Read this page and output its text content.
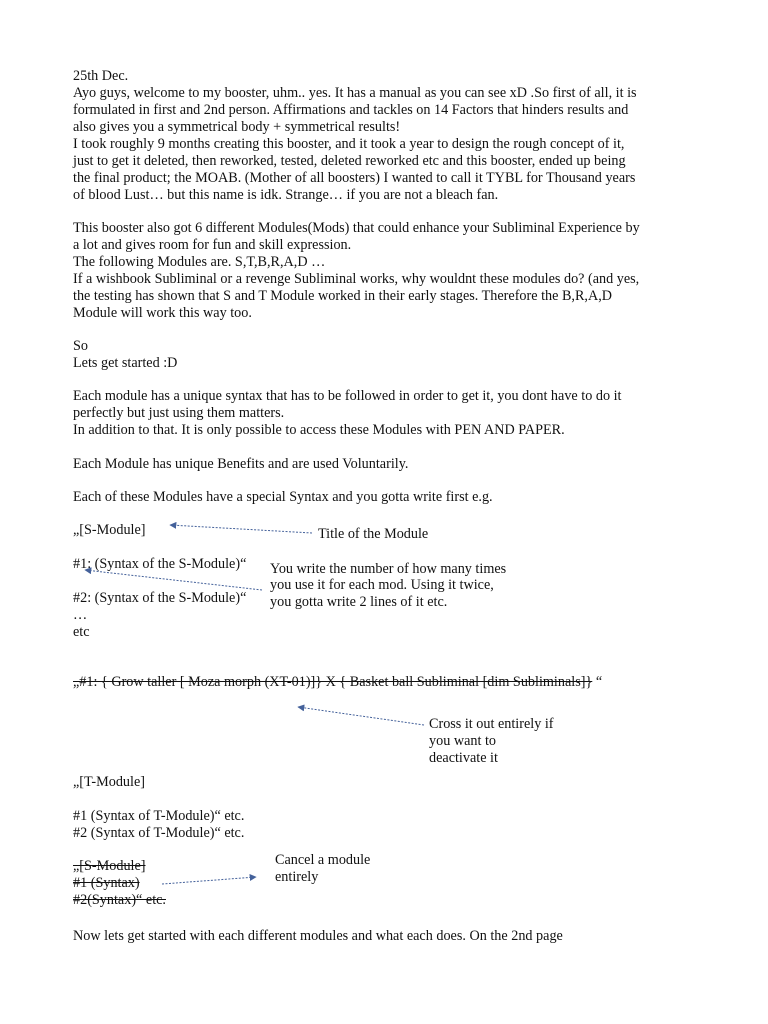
25th Dec.

Ayo guys, welcome to my booster, uhm.. yes. It has a manual as you can see xD .So first of all, it is

formulated in first and 2nd person. Affirmations and tackles on 14 Factors that hinders results and

also gives you a symmetrical body + symmetrical results!

I took roughly 9 months creating this booster, and it took a year to design the rough concept of it,

just to get it deleted, then reworked, tested, deleted reworked etc and this booster, ended up being

the final product; the MOAB. (Mother of all boosters) I wanted to call it TYBL for Thousand years

of blood Lust… but this name is idk. Strange… if you are not a bleach fan.

This booster also got 6 different Modules(Mods) that could enhance your Subliminal Experience by

a lot and gives room for fun and skill expression.

The following Modules are. S,T,B,R,A,D …

If a wishbook Subliminal or a revenge Subliminal works, why wouldnt these modules do? (and yes,

the testing has shown that S and T Module worked in their early stages. Therefore the B,R,A,D

Module will work this way too.

So

Lets get started :D

Each module has a unique syntax that has to be followed in order to get it, you dont have to do it

perfectly but just using them matters.

In addition to that. It is only possible to access these Modules with PEN AND PAPER.

Each Module has unique Benefits and are used Voluntarily.

Each of these Modules have a special Syntax and you gotta write first e.g.

„[S-Module]	Title of the Module

#1: (Syntax of the S-Module)“ You write the number of how many times

you use it for each mod. Using it twice,

you gotta write 2 lines of it etc.

#2: (Syntax of the S-Module)“

…

etc

„#1: { Grow taller [ Moza morph (XT-01)]} X { Basket ball Subliminal [dim Subliminals]} “

Cross it out entirely if

you want to

deactivate it

„[T-Module]

#1 (Syntax of T-Module)“ etc.

#2 (Syntax of T-Module)“ etc.

„[S-Module]

#1 (Syntax)

#2(Syntax)“ etc.

Cancel a module

entirely

Now lets get started with each different modules and what each does. On the 2nd page
